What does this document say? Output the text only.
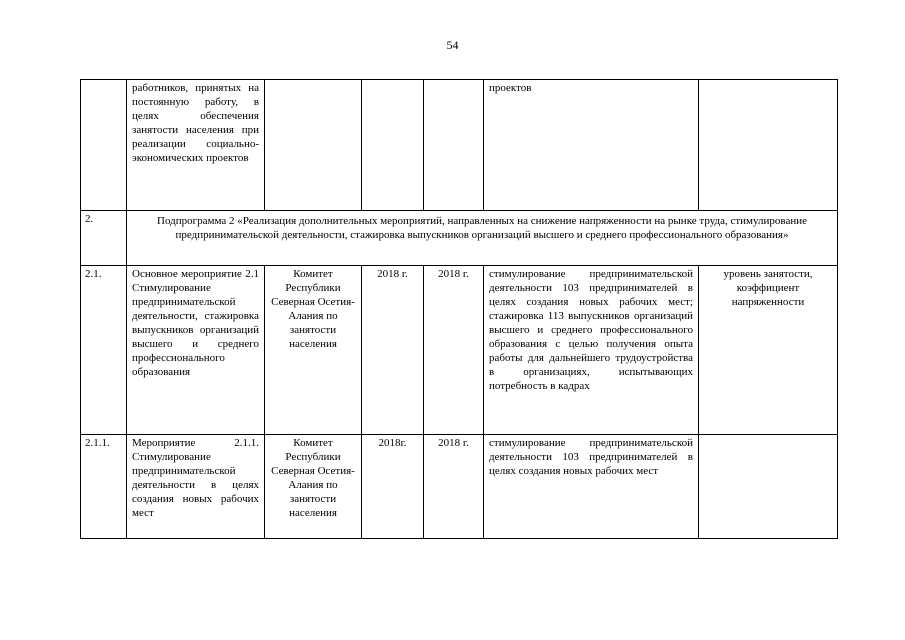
54
	работников, принятых на постоянную работу, в целях обеспечения занятости населения при реализации социально-экономических проектов				проектов	
2.	Подпрограмма 2 «Реализация дополнительных мероприятий, направленных на снижение напряженности на рынке труда, стимулирование предпринимательской деятельности, стажировка выпускников организаций высшего и среднего профессионального образования»					
2.1.	Основное мероприятие 2.1 Стимулирование предпринимательской деятельности, стажировка выпускников организаций высшего и среднего профессионального образования	Комитет Республики Северная Осетия-Алания по занятости населения	2018 г.	2018 г.	стимулирование предпринимательской деятельности 103 предпринимателей в целях создания новых рабочих мест; стажировка 113 выпускников организаций высшего и среднего профессионального образования с целью получения опыта работы для дальнейшего трудоустройства в организациях, испытывающих потребность в кадрах	уровень занятости, коэффициент напряженности
2.1.1.	Мероприятие 2.1.1. Стимулирование предпринимательской деятельности в целях создания новых рабочих мест	Комитет Республики Северная Осетия-Алания по занятости населения	2018г.	2018 г.	стимулирование предпринимательской деятельности 103 предпринимателей в целях создания новых рабочих мест	
